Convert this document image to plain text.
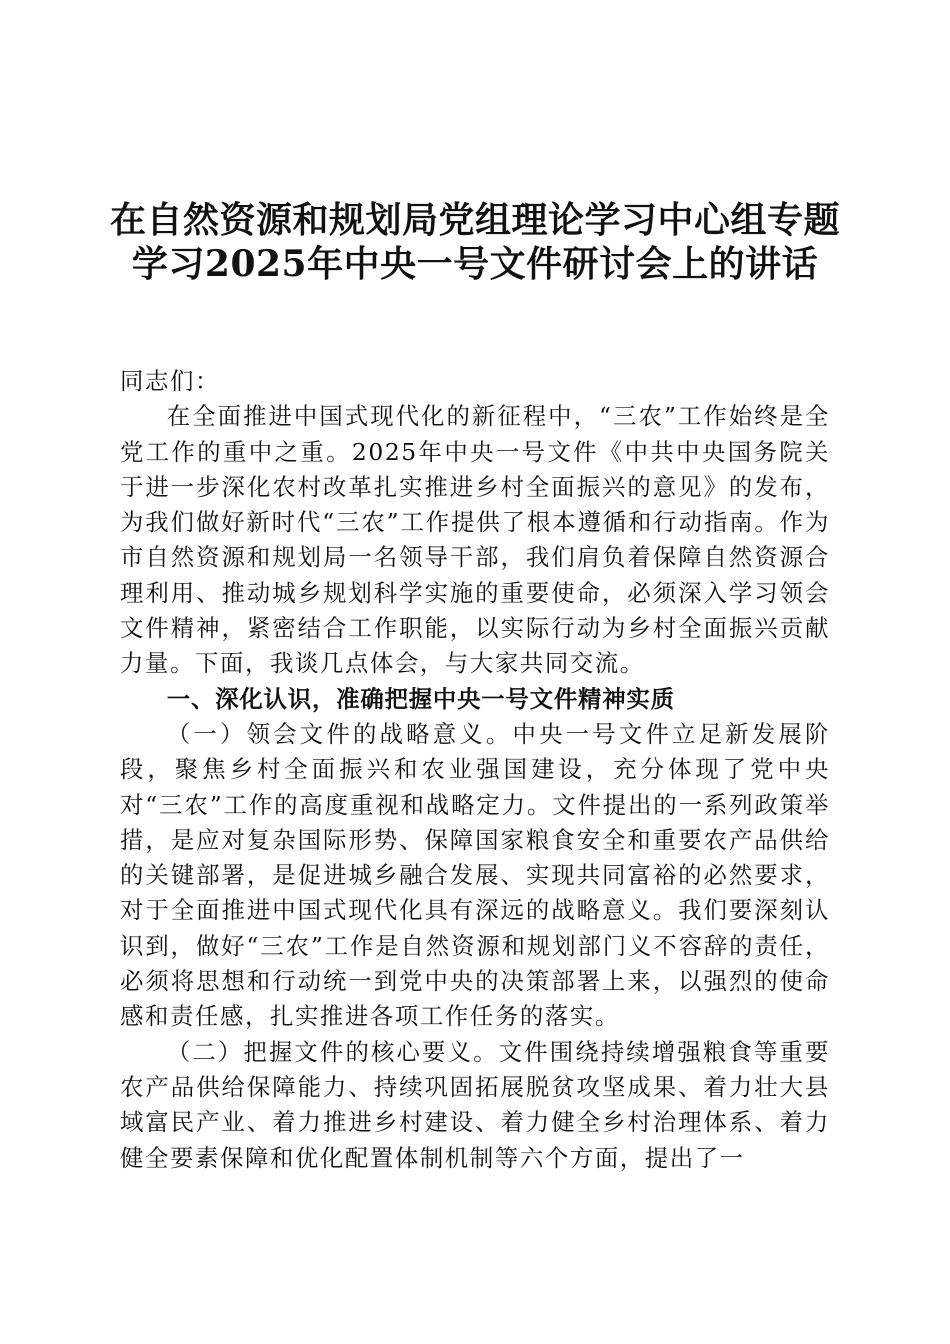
在自然资源和规划局党组理论学习中心组专题
学习2025年中央一号文件研讨会上的讲话

同志们：

在全面推进中国式现代化的新征程中，“三农”工作始终是全党工作的重中之重。2025年中央一号文件《中共中央国务院关于进一步深化农村改革扎实推进乡村全面振兴的意见》的发布，为我们做好新时代“三农”工作提供了根本遵循和行动指南。作为市自然资源和规划局一名领导干部，我们肩负着保障自然资源合理利用、推动城乡规划科学实施的重要使命，必须深入学习领会文件精神，紧密结合工作职能，以实际行动为乡村全面振兴贡献力量。下面，我谈几点体会，与大家共同交流。

一、深化认识，准确把握中央一号文件精神实质

（一）领会文件的战略意义。中央一号文件立足新发展阶段，聚焦乡村全面振兴和农业强国建设，充分体现了党中央对“三农”工作的高度重视和战略定力。文件提出的一系列政策举措，是应对复杂国际形势、保障国家粮食安全和重要农产品供给的关键部署，是促进城乡融合发展、实现共同富裕的必然要求，对于全面推进中国式现代化具有深远的战略意义。我们要深刻认识到，做好“三农”工作是自然资源和规划部门义不容辞的责任，必须将思想和行动统一到党中央的决策部署上来，以强烈的使命感和责任感，扎实推进各项工作任务的落实。

（二）把握文件的核心要义。文件围绕持续增强粮食等重要农产品供给保障能力、持续巩固拓展脱贫攻坚成果、着力壮大县域富民产业、着力推进乡村建设、着力健全乡村治理体系、着力健全要素保障和优化配置体制机制等六个方面，提出了一
